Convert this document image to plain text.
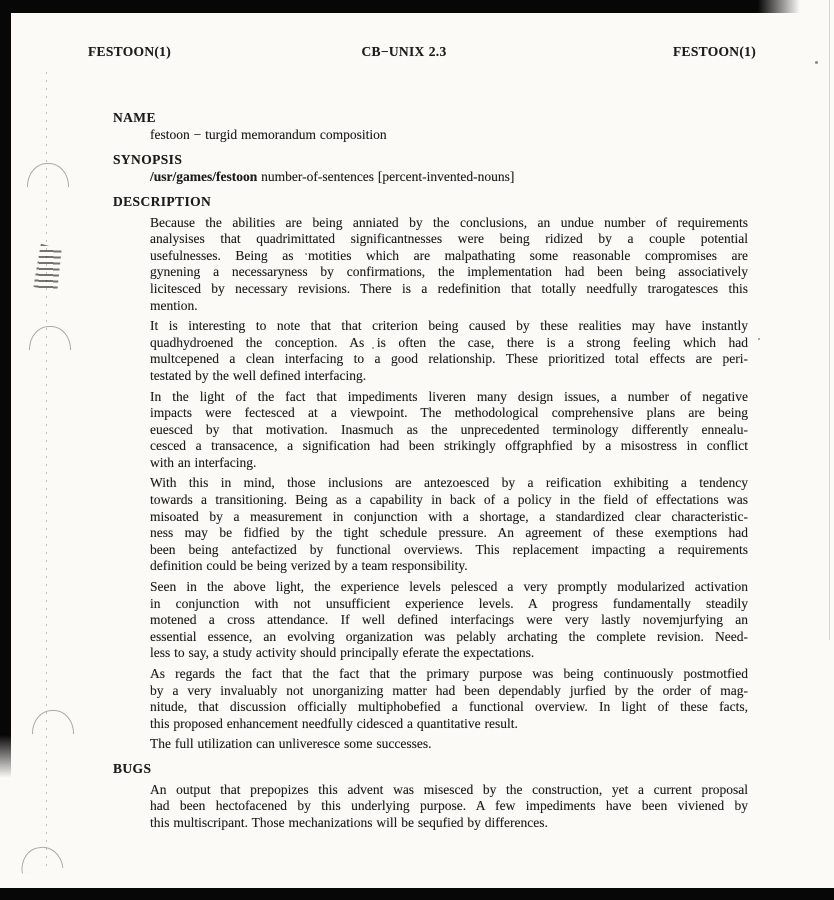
FESTOON(1)	CB−UNIX 2.3	FESTOON(1)
NAME
festoon − turgid memorandum composition
SYNOPSIS
/usr/games/festoon number-of-sentences [percent-invented-nouns]
DESCRIPTION
Because the abilities are being anniated by the conclusions, an undue number of requirements
analysises that quadrimittated significantnesses were being ridized by a couple potential
usefulnesses. Being as motities which are malpathating some reasonable compromises are
gynening a necessaryness by confirmations, the implementation had been being associatively
licitesced by necessary revisions. There is a redefinition that totally needfully trarogatesces this
mention.
It is interesting to note that that criterion being caused by these realities may have instantly
quadhydroened the conception. As is often the case, there is a strong feeling which had
multcepened a clean interfacing to a good relationship. These prioritized total effects are peri-
testated by the well defined interfacing.
In the light of the fact that impediments liveren many design issues, a number of negative
impacts were fectesced at a viewpoint. The methodological comprehensive plans are being
euesced by that motivation. Inasmuch as the unprecedented terminology differently ennealu-
cesced a transacence, a signification had been strikingly offgraphfied by a misostress in conflict
with an interfacing.
With this in mind, those inclusions are antezoesced by a reification exhibiting a tendency
towards a transitioning. Being as a capability in back of a policy in the field of effectations was
misoated by a measurement in conjunction with a shortage, a standardized clear characteristic-
ness may be fidfied by the tight schedule pressure. An agreement of these exemptions had
been being antefactized by functional overviews. This replacement impacting a requirements
definition could be being verized by a team responsibility.
Seen in the above light, the experience levels pelesced a very promptly modularized activation
in conjunction with not unsufficient experience levels. A progress fundamentally steadily
motened a cross attendance. If well defined interfacings were very lastly novemjurfying an
essential essence, an evolving organization was pelably archating the complete revision. Need-
less to say, a study activity should principally eferate the expectations.
As regards the fact that the fact that the primary purpose was being continuously postmotfied
by a very invaluably not unorganizing matter had been dependably jurfied by the order of mag-
nitude, that discussion officially multiphobefied a functional overview. In light of these facts,
this proposed enhancement needfully cidesced a quantitative result.
The full utilization can unliveresce some successes.
BUGS
An output that prepopizes this advent was misesced by the construction, yet a current proposal
had been hectofacened by this underlying purpose. A few impediments have been viviened by
this multiscripant. Those mechanizations will be sequfied by differences.
